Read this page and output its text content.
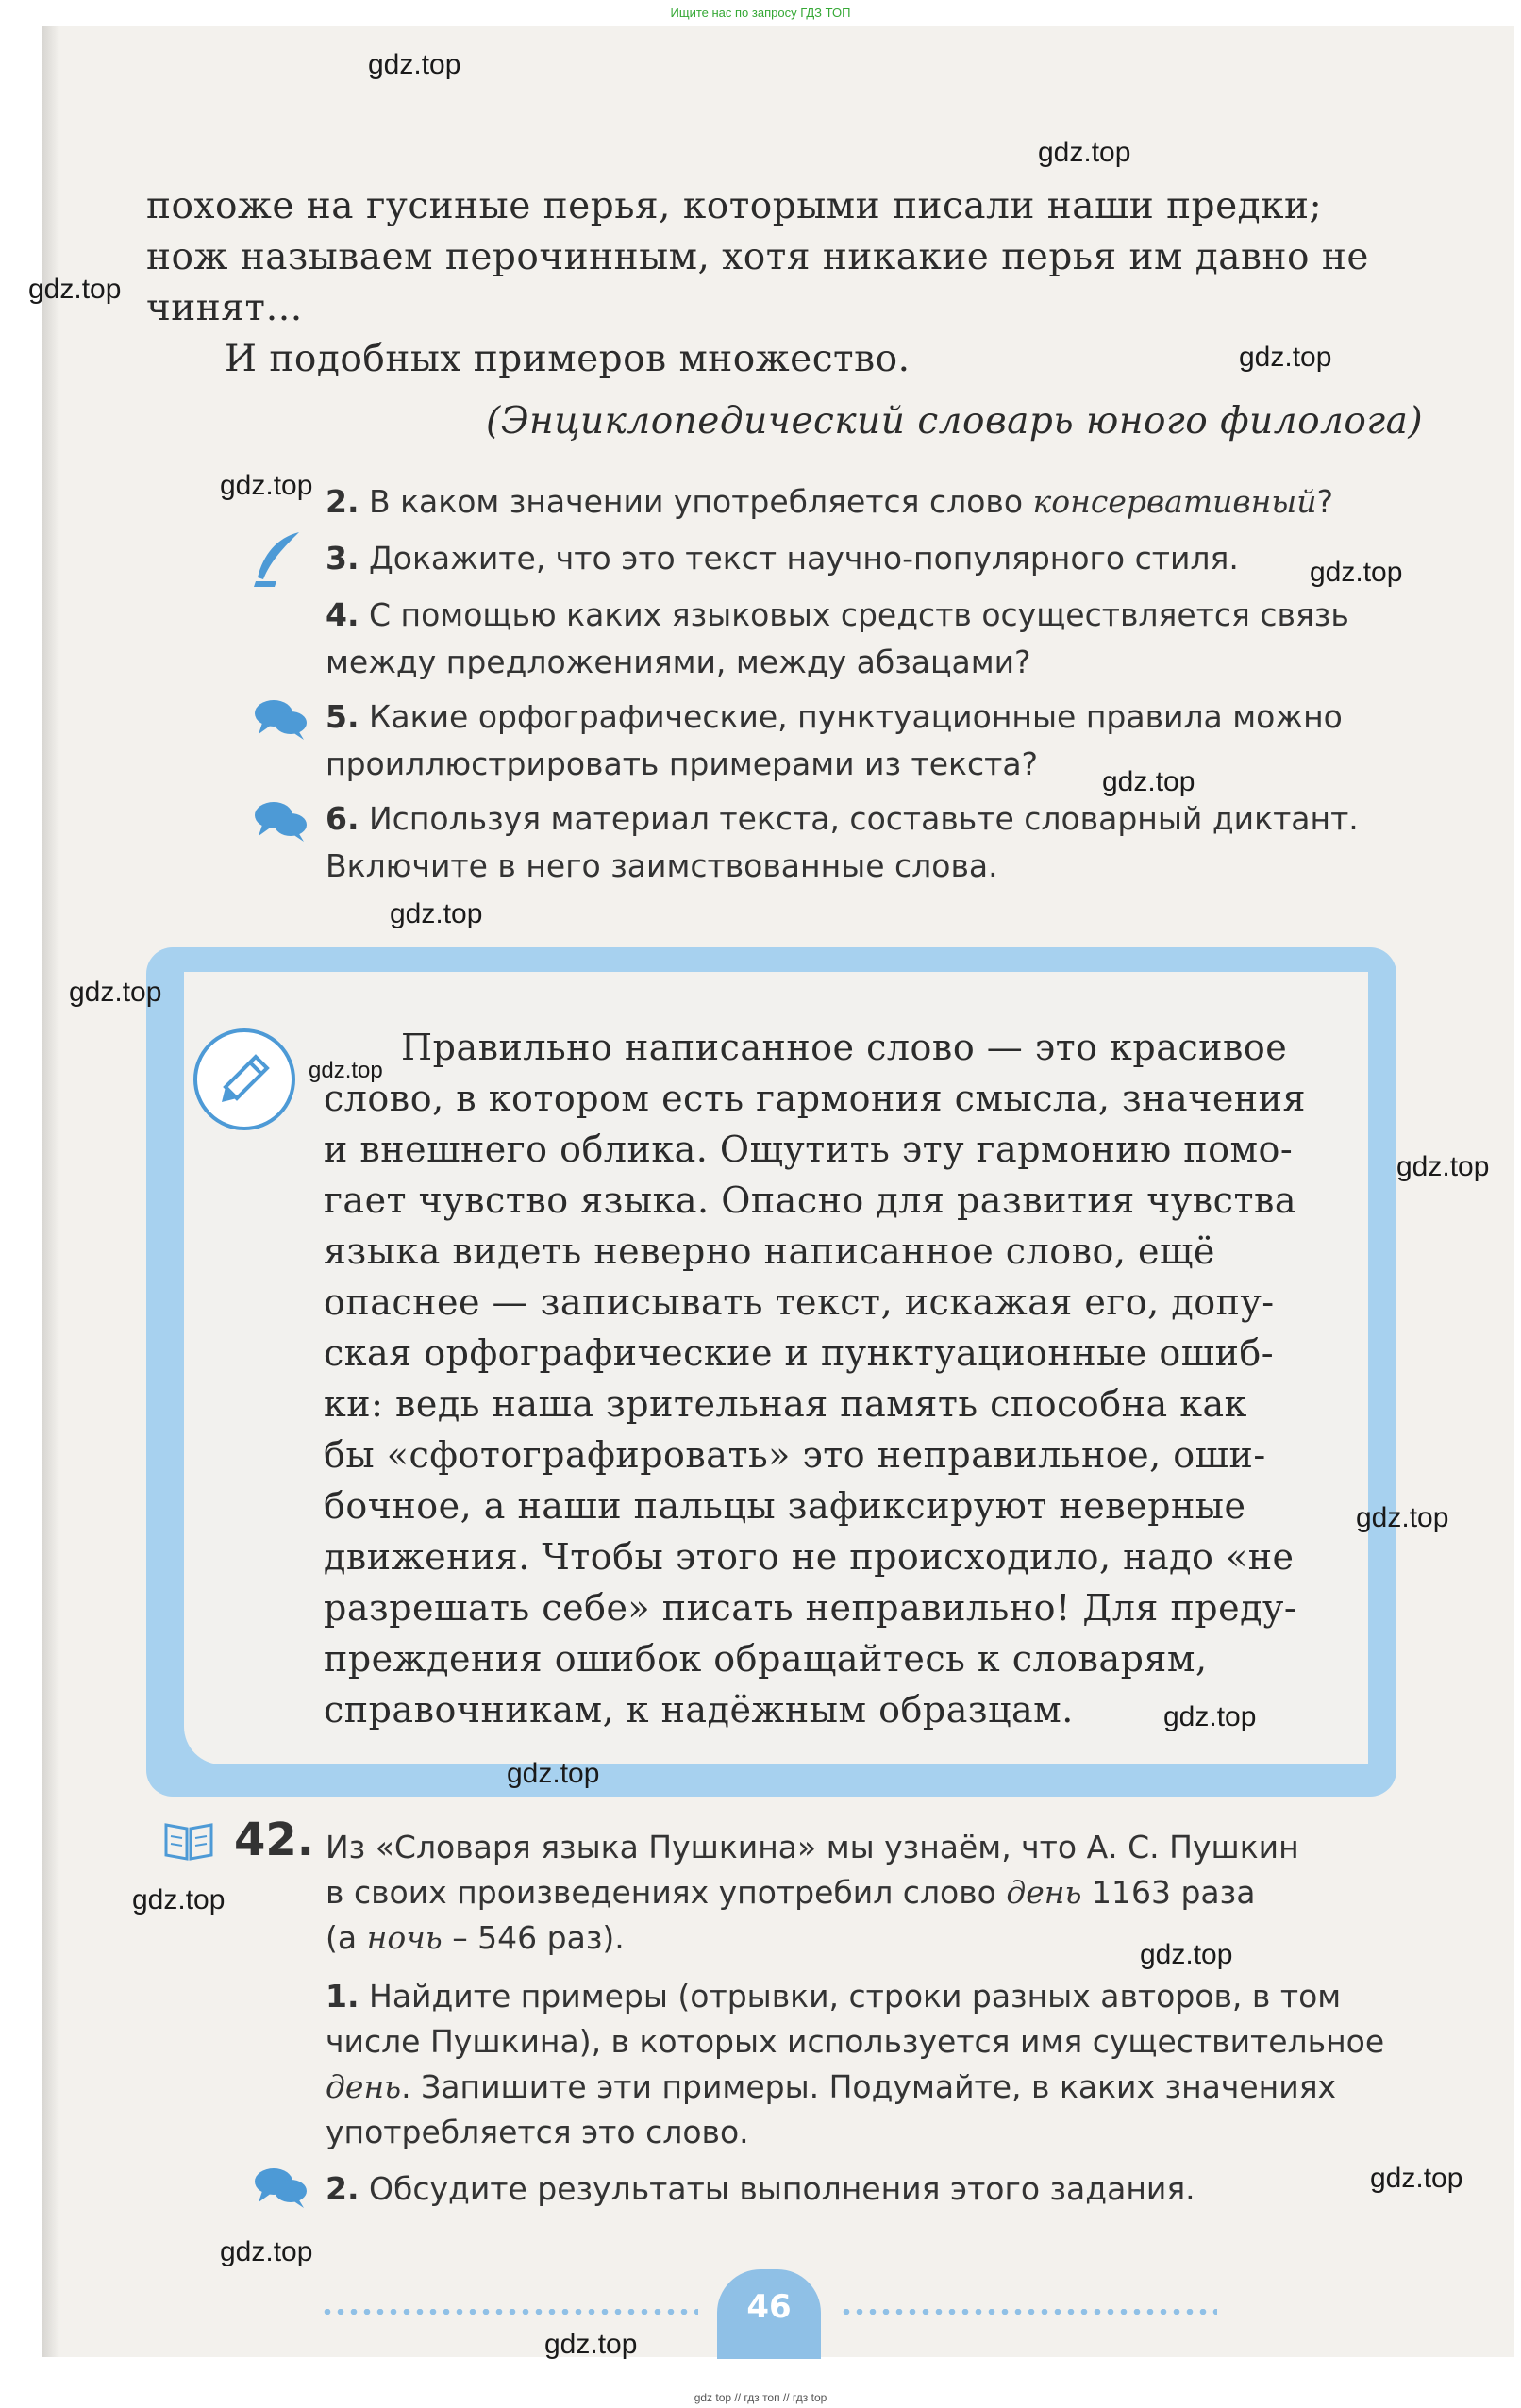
Ищите нас по запросу ГДЗ ТОП
похоже на гусиные перья, которыми писали наши предки;
нож называем перочинным, хотя никакие перья им давно не
чинят…
И подобных примеров множество.
(Энциклопедический словарь юного филолога)
2. В каком значении употребляется слово консервативный?
3. Докажите, что это текст научно-популярного стиля.
4. С помощью каких языковых средств осуществляется связь
между предложениями, между абзацами?
5. Какие орфографические, пунктуационные правила можно
проиллюстрировать примерами из текста?
6. Используя материал текста, составьте словарный диктант.
Включите в него заимствованные слова.
Правильно написанное слово — это красивое
слово, в котором есть гармония смысла, значения
и внешнего облика. Ощутить эту гармонию помо-
гает чувство языка. Опасно для развития чувства
языка видеть неверно написанное слово, ещё
опаснее — записывать текст, искажая его, допу-
ская орфографические и пунктуационные ошиб-
ки: ведь наша зрительная память способна как
бы «сфотографировать» это неправильное, оши-
бочное, а наши пальцы зафиксируют неверные
движения. Чтобы этого не происходило, надо «не
разрешать себе» писать неправильно! Для преду-
преждения ошибок обращайтесь к словарям,
справочникам, к надёжным образцам.
42. Из «Словаря языка Пушкина» мы узнаём, что А. С. Пушкин
в своих произведениях употребил слово день 1163 раза
(а ночь – 546 раз).
1. Найдите примеры (отрывки, строки разных авторов, в том
числе Пушкина), в которых используется имя существительное
день. Запишите эти примеры. Подумайте, в каких значениях
употребляется это слово.
2. Обсудите результаты выполнения этого задания.
46
gdz.top
gdz.top
gdz.top
gdz.top
gdz.top
gdz.top
gdz.top
gdz.top
gdz.top
gdz.top
gdz.top
gdz.top
gdz.top
gdz.top
gdz.top
gdz.top
gdz.top
gdz.top
gdz.top
gdz top // гдз топ // гдз top
